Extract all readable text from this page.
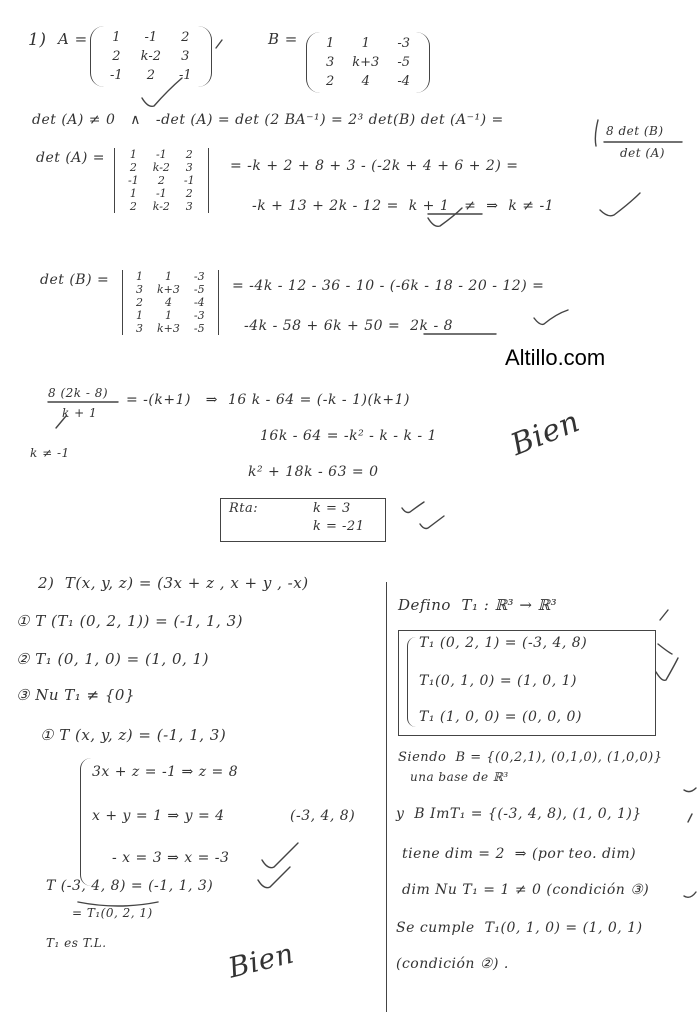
Altillo.com
1) A = 1	-1	2
2	k-2	3
-1	2	-1
B = 1	1	-3
3	k+3	-5
2	4	-4
det (A) ≠ 0   ∧   -det (A) = det (2 BA⁻¹) = 2³ det(B) det (A⁻¹) =
8 det (B)
det (A)
det (A) = 1	-1	2
2	k-2	3
-1	2	-1
1	-1	2
2	k-2	3
= -k + 2 + 8 + 3 - (-2k + 4 + 6 + 2) =
-k + 13 + 2k - 12 =  k + 1   ≠  ⇒  k ≠ -1
det (B) = 1	1	-3
3	k+3	-5
2	4	-4
1	1	-3
3	k+3	-5
= -4k - 12 - 36 - 10 - (-6k - 18 - 20 - 12) =
-4k - 58 + 6k + 50 =  2k - 8
8 (2k - 8)
k + 1
= -(k+1)   ⇒  16 k - 64 = (-k - 1)(k+1)
k ≠ -1
16k - 64 = -k² - k - k - 1
k² + 18k - 63 = 0
Rta:	k = 3
k = -21
Bien
2)  T(x, y, z) = (3x + z , x + y , -x)
① T (T₁ (0, 2, 1)) = (-1, 1, 3)
② T₁ (0, 1, 0) = (1, 0, 1)
③ Nu T₁ ≠ {0}
① T (x, y, z) = (-1, 1, 3)
3x + z = -1 ⇒ z = 8
x + y = 1 ⇒ y = 4
- x = 3 ⇒ x = -3
(-3, 4, 8)
T (-3, 4, 8) = (-1, 1, 3)
= T₁(0, 2, 1)
T₁ es T.L.	Bien
Defino  T₁ : ℝ³ → ℝ³
T₁ (0, 2, 1) = (-3, 4, 8)
T₁(0, 1, 0) = (1, 0, 1)
T₁ (1, 0, 0) = (0, 0, 0)
Siendo  B = {(0,2,1), (0,1,0), (1,0,0)}
una base de ℝ³
y  B ImT₁ = {(-3, 4, 8), (1, 0, 1)}
tiene dim = 2  ⇒ (por teo. dim)
dim Nu T₁ = 1 ≠ 0 (condición ③)
Se cumple  T₁(0, 1, 0) = (1, 0, 1)
(condición ②) .
